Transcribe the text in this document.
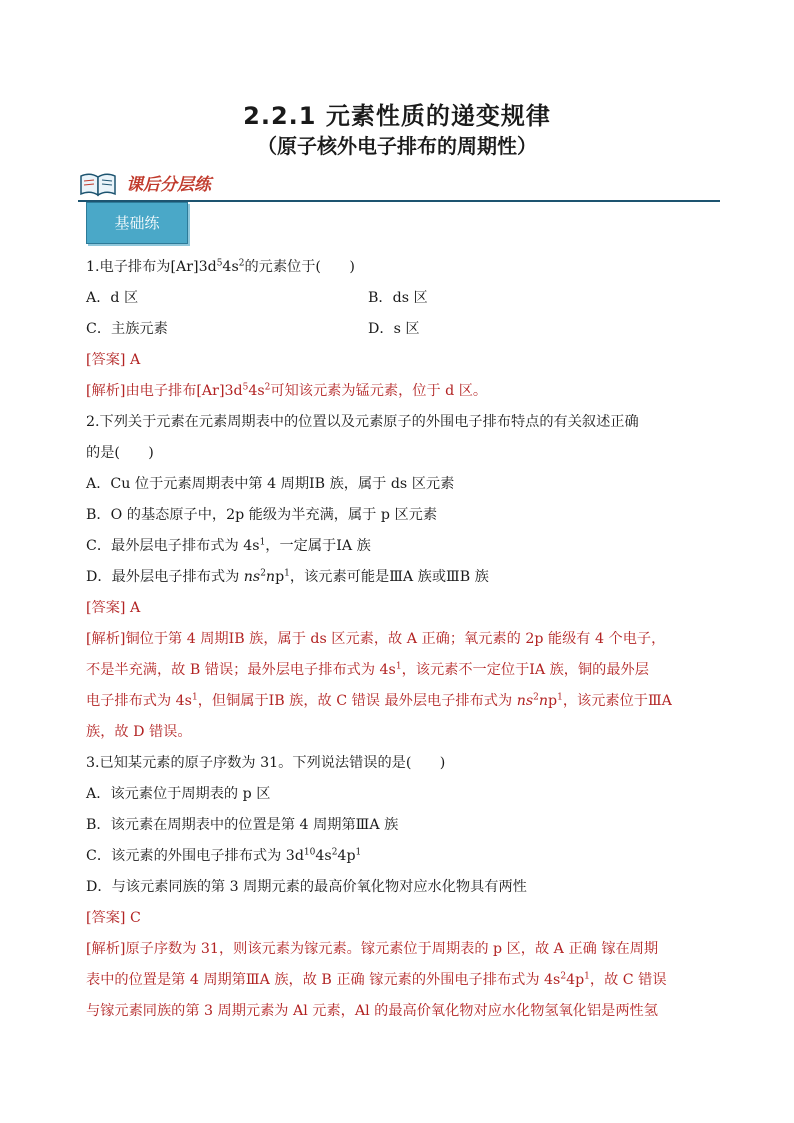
2.2.1 元素性质的递变规律
（原子核外电子排布的周期性）
课后分层练
基础练
1.电子排布为$[Ar]3d^54s^2$的元素位于(　　)
A．d 区	B．ds 区
C．主族元素	D．s 区
[答案] A
[解析]由电子排布$[Ar]3d^54s^2$可知该元素为锰元素，位于 d 区。
2.下列关于元素在元素周期表中的位置以及元素原子的外围电子排布特点的有关叙述正确
的是(　　)
A．Cu 位于元素周期表中第 4 周期ⅠB 族，属于 ds 区元素
B．O 的基态原子中，2p 能级为半充满，属于 p 区元素
C．最外层电子排布式为 $4s^1$，一定属于ⅠA 族
D．最外层电子排布式为 $ns^2np^1$，该元素可能是ⅢA 族或ⅢB 族
[答案] A
[解析]铜位于第 4 周期ⅠB 族，属于 ds 区元素，故 A 正确；氧元素的 2p 能级有 4 个电子，
不是半充满，故 B 错误；最外层电子排布式为 $4s^1$，该元素不一定位于ⅠA 族，铜的最外层
电子排布式为 $4s^1$，但铜属于ⅠB 族，故 C 错误 最外层电子排布式为 $ns^2np^1$，该元素位于ⅢA
族，故 D 错误。
3.已知某元素的原子序数为 31。下列说法错误的是(　　)
A．该元素位于周期表的 p 区
B．该元素在周期表中的位置是第 4 周期第ⅢA 族
C．该元素的外围电子排布式为 $3d^{10}4s^24p^1$
D．与该元素同族的第 3 周期元素的最高价氧化物对应水化物具有两性
[答案] C
[解析]原子序数为 31，则该元素为镓元素。镓元素位于周期表的 p 区，故 A 正确 镓在周期
表中的位置是第 4 周期第ⅢA 族，故 B 正确 镓元素的外围电子排布式为 $4s^24p^1$，故 C 错误
与镓元素同族的第 3 周期元素为 Al 元素，Al 的最高价氧化物对应水化物氢氧化铝是两性氢
